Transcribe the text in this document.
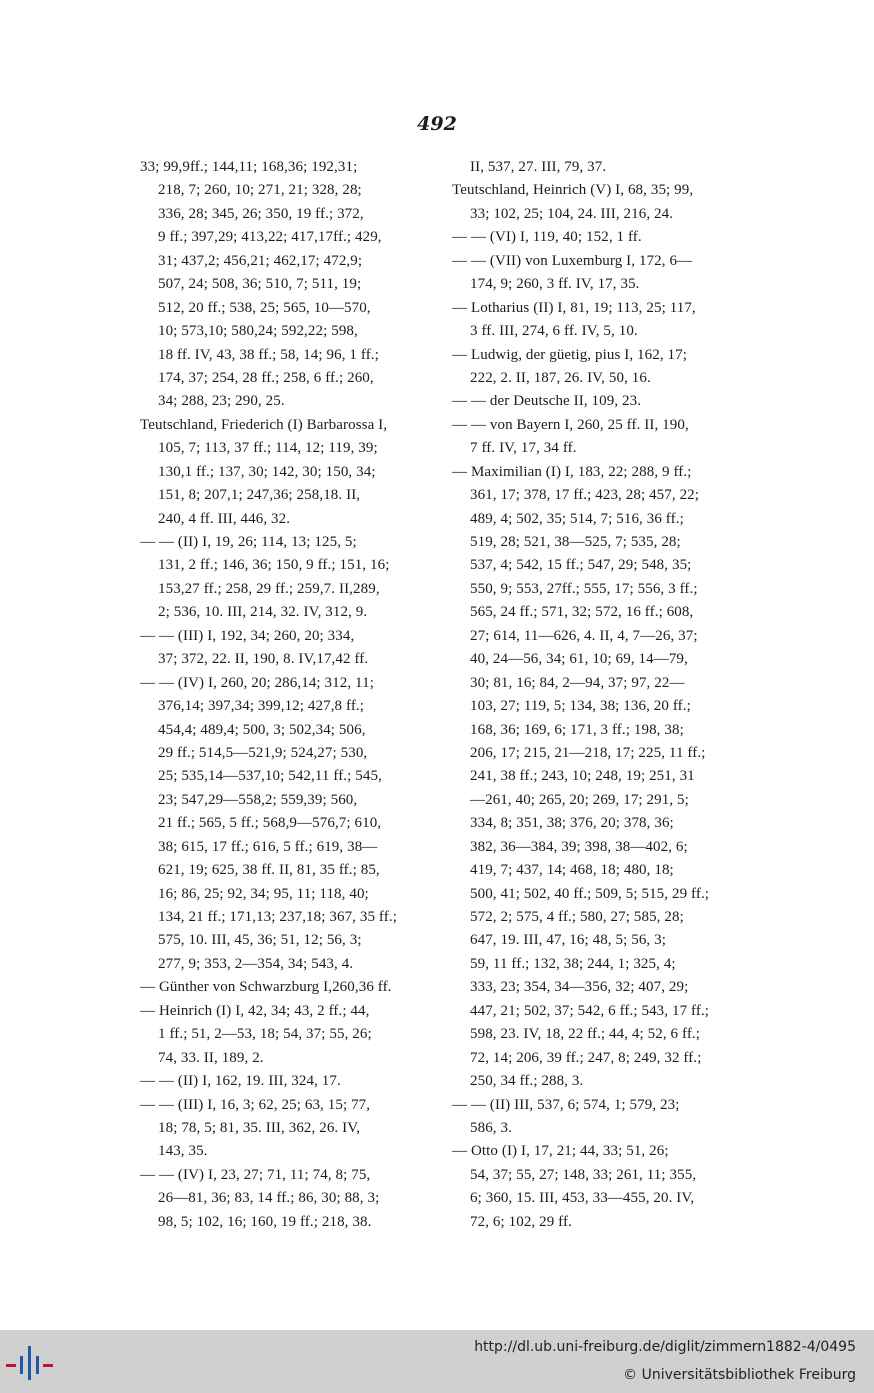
492
33; 99,9ff.; 144,11; 168,36; 192,31;
218, 7; 260, 10; 271, 21; 328, 28;
336, 28; 345, 26; 350, 19 ff.; 372,
9 ff.; 397,29; 413,22; 417,17ff.; 429,
31; 437,2; 456,21; 462,17; 472,9;
507, 24; 508, 36; 510, 7; 511, 19;
512, 20 ff.; 538, 25; 565, 10—570,
10; 573,10; 580,24; 592,22; 598,
18 ff. IV, 43, 38 ff.; 58, 14; 96, 1 ff.;
174, 37; 254, 28 ff.; 258, 6 ff.; 260,
34; 288, 23; 290, 25.
Teutschland, Friederich (I) Barbarossa I,
105, 7; 113, 37 ff.; 114, 12; 119, 39;
130,1 ff.; 137, 30; 142, 30; 150, 34;
151, 8; 207,1; 247,36; 258,18. II,
240, 4 ff. III, 446, 32.
— — (II) I, 19, 26; 114, 13; 125, 5;
131, 2 ff.; 146, 36; 150, 9 ff.; 151, 16;
153,27 ff.; 258, 29 ff.; 259,7. II,289,
2; 536, 10. III, 214, 32. IV, 312, 9.
— — (III) I, 192, 34; 260, 20; 334,
37; 372, 22. II, 190, 8. IV,17,42 ff.
— — (IV) I, 260, 20; 286,14; 312, 11;
376,14; 397,34; 399,12; 427,8 ff.;
454,4; 489,4; 500, 3; 502,34; 506,
29 ff.; 514,5—521,9; 524,27; 530,
25; 535,14—537,10; 542,11 ff.; 545,
23; 547,29—558,2; 559,39; 560,
21 ff.; 565, 5 ff.; 568,9—576,7; 610,
38; 615, 17 ff.; 616, 5 ff.; 619, 38—
621, 19; 625, 38 ff. II, 81, 35 ff.; 85,
16; 86, 25; 92, 34; 95, 11; 118, 40;
134, 21 ff.; 171,13; 237,18; 367, 35 ff.;
575, 10. III, 45, 36; 51, 12; 56, 3;
277, 9; 353, 2—354, 34; 543, 4.
— Günther von Schwarzburg I,260,36 ff.
— Heinrich (I) I, 42, 34; 43, 2 ff.; 44,
1 ff.; 51, 2—53, 18; 54, 37; 55, 26;
74, 33. II, 189, 2.
— — (II) I, 162, 19. III, 324, 17.
— — (III) I, 16, 3; 62, 25; 63, 15; 77,
18; 78, 5; 81, 35. III, 362, 26. IV,
143, 35.
— — (IV) I, 23, 27; 71, 11; 74, 8; 75,
26—81, 36; 83, 14 ff.; 86, 30; 88, 3;
98, 5; 102, 16; 160, 19 ff.; 218, 38.
II, 537, 27. III, 79, 37.
Teutschland, Heinrich (V) I, 68, 35; 99,
33; 102, 25; 104, 24. III, 216, 24.
— — (VI) I, 119, 40; 152, 1 ff.
— — (VII) von Luxemburg I, 172, 6—
174, 9; 260, 3 ff. IV, 17, 35.
— Lotharius (II) I, 81, 19; 113, 25; 117,
3 ff. III, 274, 6 ff. IV, 5, 10.
— Ludwig, der güetig, pius I, 162, 17;
222, 2. II, 187, 26. IV, 50, 16.
— — der Deutsche II, 109, 23.
— — von Bayern I, 260, 25 ff. II, 190,
7 ff. IV, 17, 34 ff.
— Maximilian (I) I, 183, 22; 288, 9 ff.;
361, 17; 378, 17 ff.; 423, 28; 457, 22;
489, 4; 502, 35; 514, 7; 516, 36 ff.;
519, 28; 521, 38—525, 7; 535, 28;
537, 4; 542, 15 ff.; 547, 29; 548, 35;
550, 9; 553, 27ff.; 555, 17; 556, 3 ff.;
565, 24 ff.; 571, 32; 572, 16 ff.; 608,
27; 614, 11—626, 4. II, 4, 7—26, 37;
40, 24—56, 34; 61, 10; 69, 14—79,
30; 81, 16; 84, 2—94, 37; 97, 22—
103, 27; 119, 5; 134, 38; 136, 20 ff.;
168, 36; 169, 6; 171, 3 ff.; 198, 38;
206, 17; 215, 21—218, 17; 225, 11 ff.;
241, 38 ff.; 243, 10; 248, 19; 251, 31
—261, 40; 265, 20; 269, 17; 291, 5;
334, 8; 351, 38; 376, 20; 378, 36;
382, 36—384, 39; 398, 38—402, 6;
419, 7; 437, 14; 468, 18; 480, 18;
500, 41; 502, 40 ff.; 509, 5; 515, 29 ff.;
572, 2; 575, 4 ff.; 580, 27; 585, 28;
647, 19. III, 47, 16; 48, 5; 56, 3;
59, 11 ff.; 132, 38; 244, 1; 325, 4;
333, 23; 354, 34—356, 32; 407, 29;
447, 21; 502, 37; 542, 6 ff.; 543, 17 ff.;
598, 23. IV, 18, 22 ff.; 44, 4; 52, 6 ff.;
72, 14; 206, 39 ff.; 247, 8; 249, 32 ff.;
250, 34 ff.; 288, 3.
— — (II) III, 537, 6; 574, 1; 579, 23;
586, 3.
— Otto (I) I, 17, 21; 44, 33; 51, 26;
54, 37; 55, 27; 148, 33; 261, 11; 355,
6; 360, 15. III, 453, 33—455, 20. IV,
72, 6; 102, 29 ff.

http://dl.ub.uni-freiburg.de/diglit/zimmern1882-4/0495

© Universitätsbibliothek Freiburg
